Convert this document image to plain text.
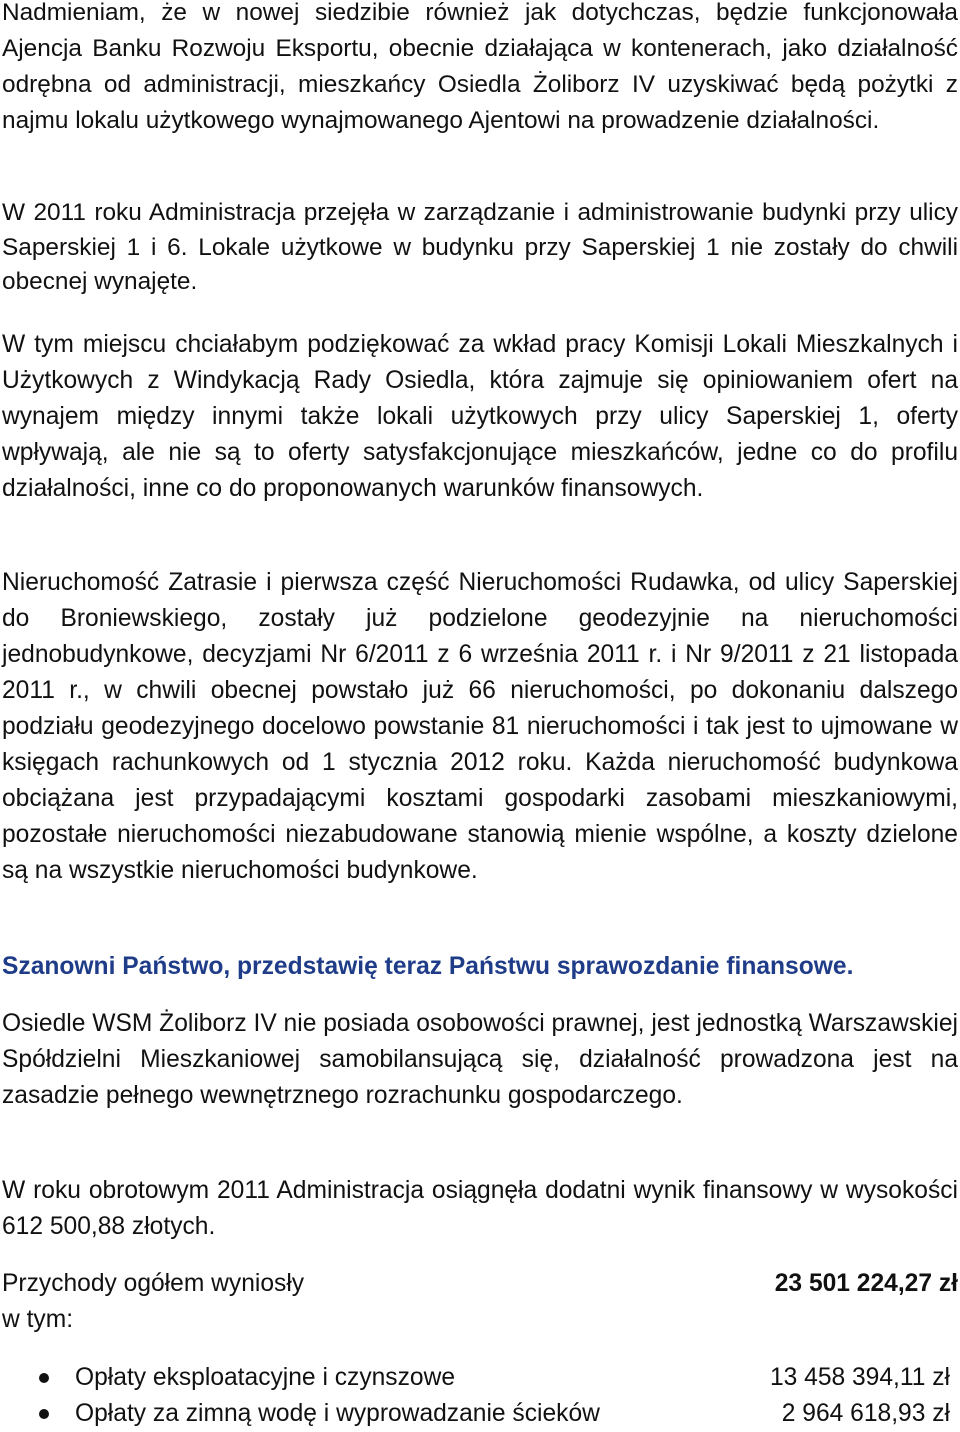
Nadmieniam, że w nowej siedzibie również jak dotychczas, będzie funkcjonowała Ajencja Banku Rozwoju Eksportu, obecnie działająca w kontenerach, jako działalność odrębna od administracji, mieszkańcy Osiedla Żoliborz IV uzyskiwać będą pożytki z najmu lokalu użytkowego wynajmowanego Ajentowi na prowadzenie działalności.

W 2011 roku Administracja przejęła w zarządzanie i administrowanie budynki przy ulicy Saperskiej 1 i 6. Lokale użytkowe w budynku przy Saperskiej 1 nie zostały do chwili obecnej wynajęte.

W tym miejscu chciałabym podziękować za wkład pracy Komisji Lokali Mieszkalnych i Użytkowych z Windykacją Rady Osiedla, która zajmuje się opiniowaniem ofert na wynajem między innymi także lokali użytkowych przy ulicy Saperskiej 1, oferty wpływają, ale nie są to oferty satysfakcjonujące mieszkańców, jedne co do profilu działalności, inne co do proponowanych warunków finansowych.

Nieruchomość Zatrasie i pierwsza część Nieruchomości Rudawka, od ulicy Saperskiej do Broniewskiego, zostały już podzielone geodezyjnie na nieruchomości jednobudynkowe, decyzjami Nr 6/2011 z 6 września 2011 r. i Nr 9/2011 z 21 listopada 2011 r., w chwili obecnej powstało już 66 nieruchomości, po dokonaniu dalszego podziału geodezyjnego docelowo powstanie 81 nieruchomości i tak jest to ujmowane w księgach rachunkowych od 1 stycznia 2012 roku. Każda nieruchomość budynkowa obciążana jest przypadającymi kosztami gospodarki zasobami mieszkaniowymi, pozostałe nieruchomości niezabudowane stanowią mienie wspólne, a koszty dzielone są na wszystkie nieruchomości budynkowe.

Szanowni Państwo, przedstawię teraz Państwu sprawozdanie finansowe.

Osiedle WSM Żoliborz IV nie posiada osobowości prawnej, jest jednostką Warszawskiej Spółdzielni Mieszkaniowej samobilansującą się, działalność prowadzona jest na zasadzie pełnego wewnętrznego rozrachunku gospodarczego.

W roku obrotowym 2011 Administracja osiągnęła dodatni wynik finansowy w wysokości 612 500,88 złotych.

Przychody ogółem wyniosły	23 501 224,27 zł
w tym:
Opłaty eksploatacyjne i czynszowe	13 458 394,11 zł
Opłaty za zimną wodę i wyprowadzanie ścieków	2 964 618,93 zł
